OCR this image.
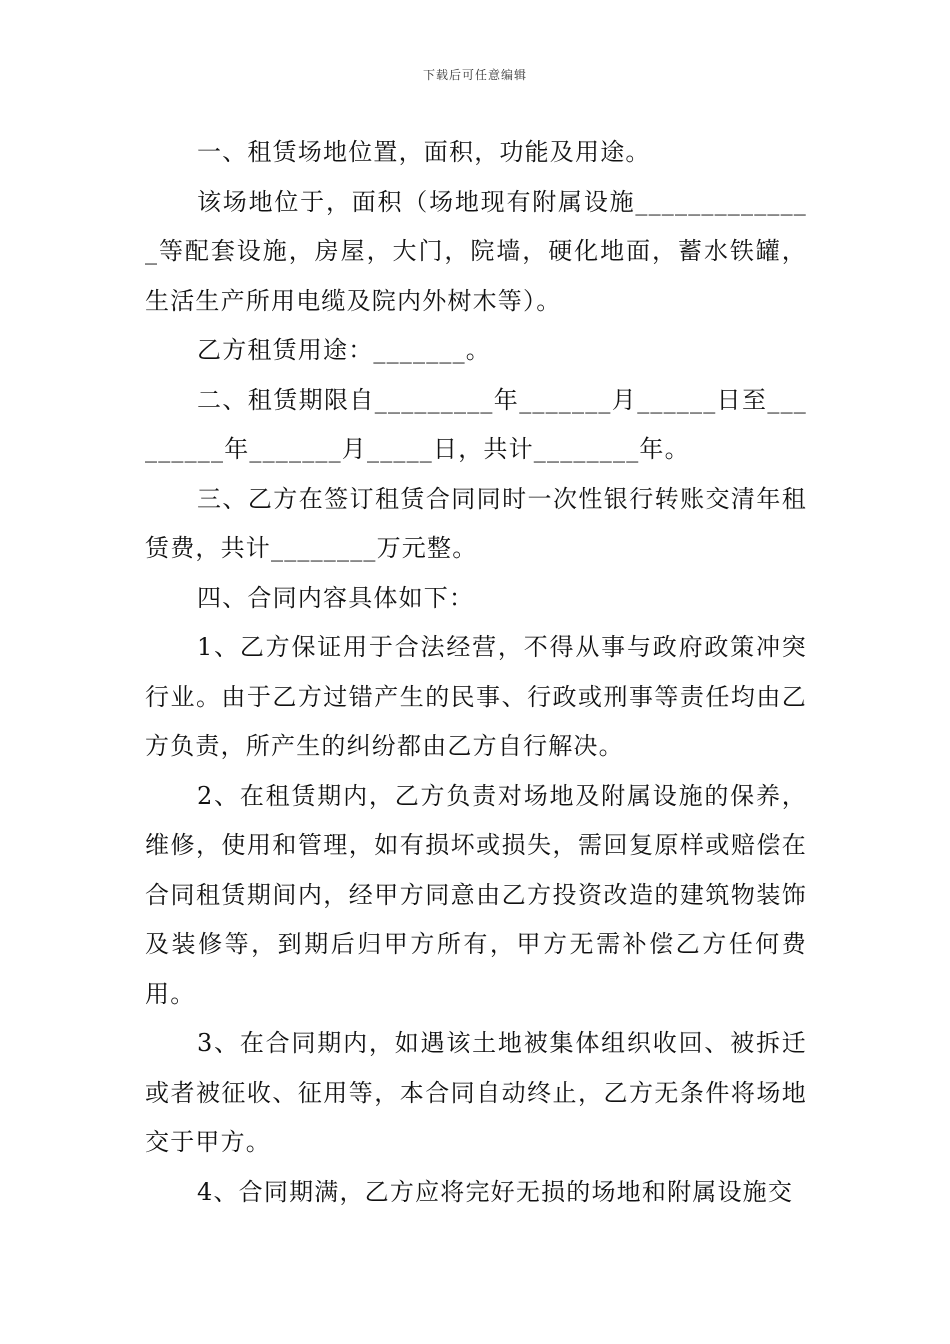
下载后可任意编辑

一、租赁场地位置，面积，功能及用途。

该场地位于，面积（场地现有附属设施______________等配套设施，房屋，大门，院墙，硬化地面，蓄水铁罐，生活生产所用电缆及院内外树木等）。

乙方租赁用途：_______。

二、租赁期限自_________年_______月______日至_________年_______月_____日，共计________年。

三、乙方在签订租赁合同同时一次性银行转账交清年租赁费，共计________万元整。

四、合同内容具体如下：

1、乙方保证用于合法经营，不得从事与政府政策冲突行业。由于乙方过错产生的民事、行政或刑事等责任均由乙方负责，所产生的纠纷都由乙方自行解决。

2、在租赁期内，乙方负责对场地及附属设施的保养，维修，使用和管理，如有损坏或损失，需回复原样或赔偿在合同租赁期间内，经甲方同意由乙方投资改造的建筑物装饰及装修等，到期后归甲方所有，甲方无需补偿乙方任何费用。

3、在合同期内，如遇该土地被集体组织收回、被拆迁或者被征收、征用等，本合同自动终止，乙方无条件将场地交于甲方。

4、合同期满，乙方应将完好无损的场地和附属设施交
